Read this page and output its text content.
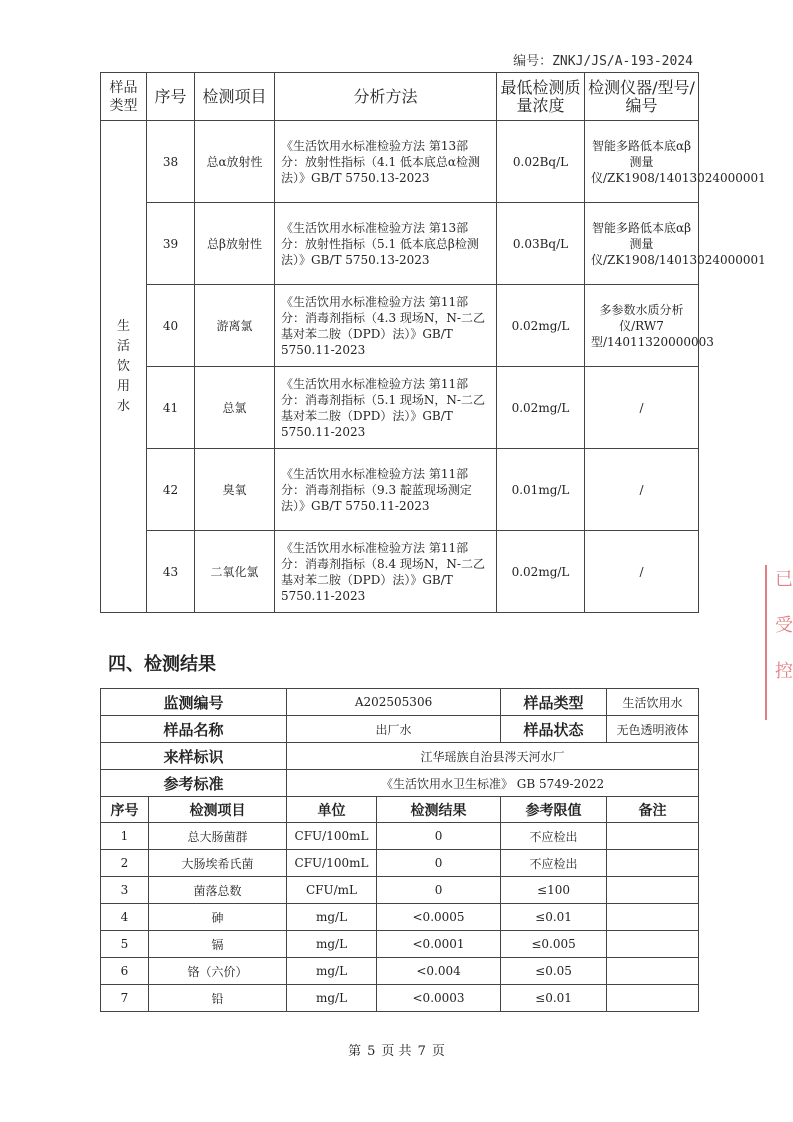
编号：ZNKJ/JS/A-193-2024
样品类型	序号	检测项目	分析方法	最低检测质量浓度	检测仪器/型号/编号
生活饮用水	38	总α放射性	《生活饮用水标准检验方法 第13部分：放射性指标（4.1 低本底总α检测法）》GB/T 5750.13-2023	0.02Bq/L	智能多路低本底αβ测量仪/ZK1908/14013024000001
	39	总β放射性	《生活饮用水标准检验方法 第13部分：放射性指标（5.1 低本底总β检测法）》GB/T 5750.13-2023	0.03Bq/L	智能多路低本底αβ测量仪/ZK1908/14013024000001
	40	游离氯	《生活饮用水标准检验方法 第11部分：消毒剂指标（4.3 现场N，N-二乙基对苯二胺（DPD）法）》GB/T 5750.11-2023	0.02mg/L	多参数水质分析仪/RW7型/14011320000003
	41	总氯	《生活饮用水标准检验方法 第11部分：消毒剂指标（5.1 现场N，N-二乙基对苯二胺（DPD）法）》GB/T 5750.11-2023	0.02mg/L	/
	42	臭氧	《生活饮用水标准检验方法 第11部分：消毒剂指标（9.3 靛蓝现场测定法）》GB/T 5750.11-2023	0.01mg/L	/
	43	二氧化氯	《生活饮用水标准检验方法 第11部分：消毒剂指标（8.4 现场N，N-二乙基对苯二胺（DPD）法）》GB/T 5750.11-2023	0.02mg/L	/
四、检测结果
监测编号		A202505306		样品类型	生活饮用水
样品名称		出厂水		样品状态	无色透明液体
来样标识		江华瑶族自治县涔天河水厂			
参考标准		《生活饮用水卫生标准》 GB 5749-2022			
序号	检测项目	单位	检测结果	参考限值	备注
1	总大肠菌群	CFU/100mL	0	不应检出	
2	大肠埃希氏菌	CFU/100mL	0	不应检出	
3	菌落总数	CFU/mL	0	≤100	
4	砷	mg/L	<0.0005	≤0.01	
5	镉	mg/L	<0.0001	≤0.005	
6	铬（六价）	mg/L	<0.004	≤0.05	
7	铅	mg/L	<0.0003	≤0.01	
第 5 页 共 7 页
已
受
控
